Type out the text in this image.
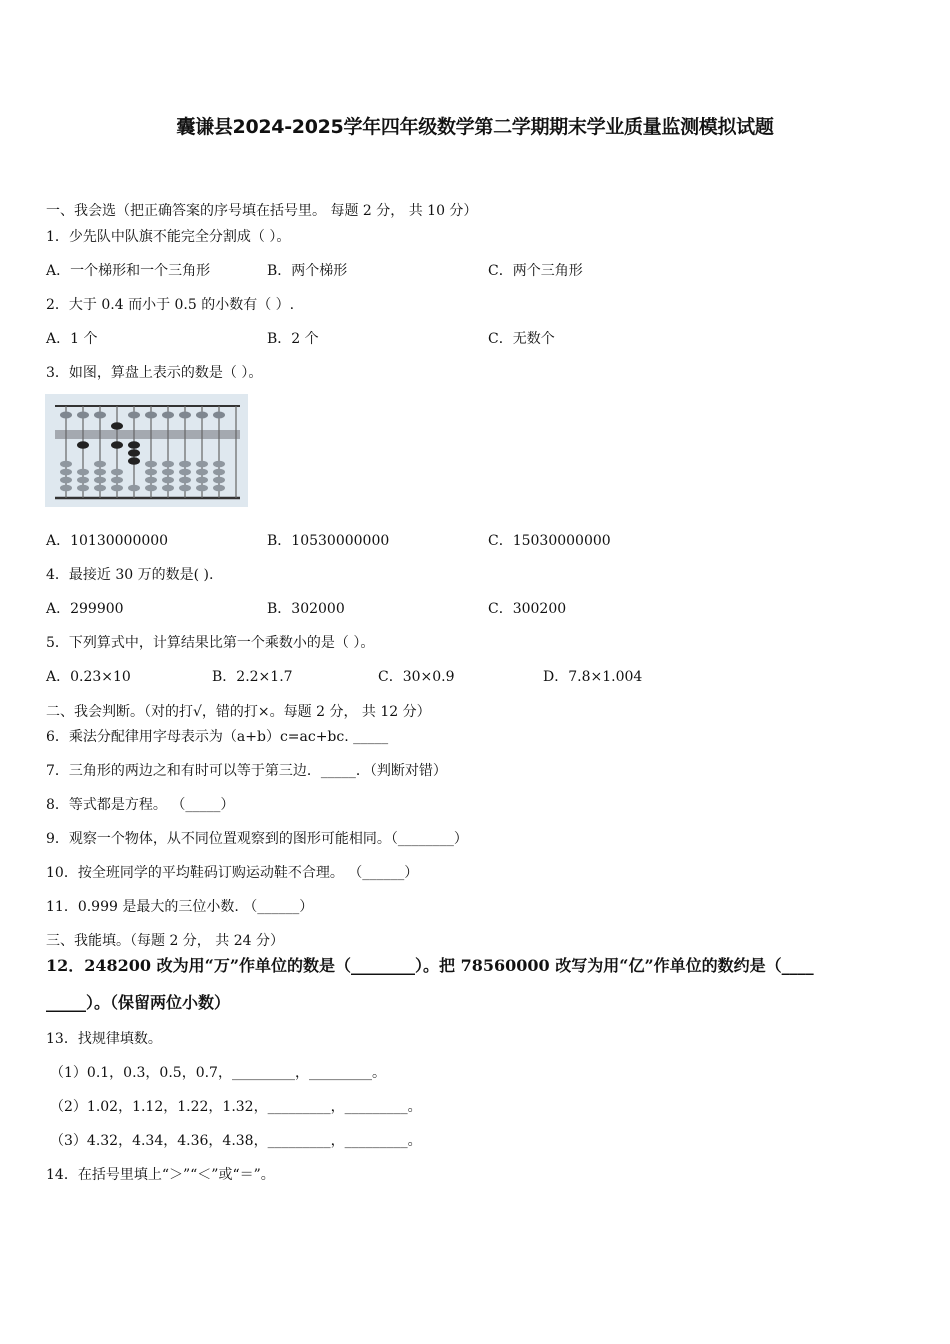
囊谦县2024-2025学年四年级数学第二学期期末学业质量监测模拟试题
一、我会选（把正确答案的序号填在括号里。 每题 2 分， 共 10 分）
1．少先队中队旗不能完全分割成（ ）。
A．一个梯形和一个三角形	B．两个梯形	C．两个三角形
2．大于 0.4 而小于 0.5 的小数有（ ）.
A．1 个	B．2 个	C．无数个
3．如图，算盘上表示的数是（ ）。
A．10130000000	B．10530000000	C．15030000000
4．最接近 30 万的数是( ).
A．299900	B．302000	C．300200
5．下列算式中，计算结果比第一个乘数小的是（ ）。
A．0.23×10	B．2.2×1.7	C．30×0.9	D．7.8×1.004
二、我会判断。（对的打√，错的打×。每题 2 分， 共 12 分）
6．乘法分配律用字母表示为（a+b）c=ac+bc. _____
7．三角形的两边之和有时可以等于第三边．_____．（判断对错）
8．等式都是方程。 （_____）
9．观察一个物体，从不同位置观察到的图形可能相同。（________）
10．按全班同学的平均鞋码订购运动鞋不合理。 （______）
11．0.999 是最大的三位小数. （______）
三、我能填。（每题 2 分， 共 24 分）
12．248200 改为用“万”作单位的数是（________）。把 78560000 改写为用“亿”作单位的数约是（____
_____）。（保留两位小数）
13．找规律填数。
（1）0.1，0.3，0.5，0.7，_________，_________。
（2）1.02，1.12，1.22，1.32，_________，_________。
（3）4.32，4.34，4.36，4.38，_________，_________。
14．在括号里填上“＞”“＜”或“＝”。
